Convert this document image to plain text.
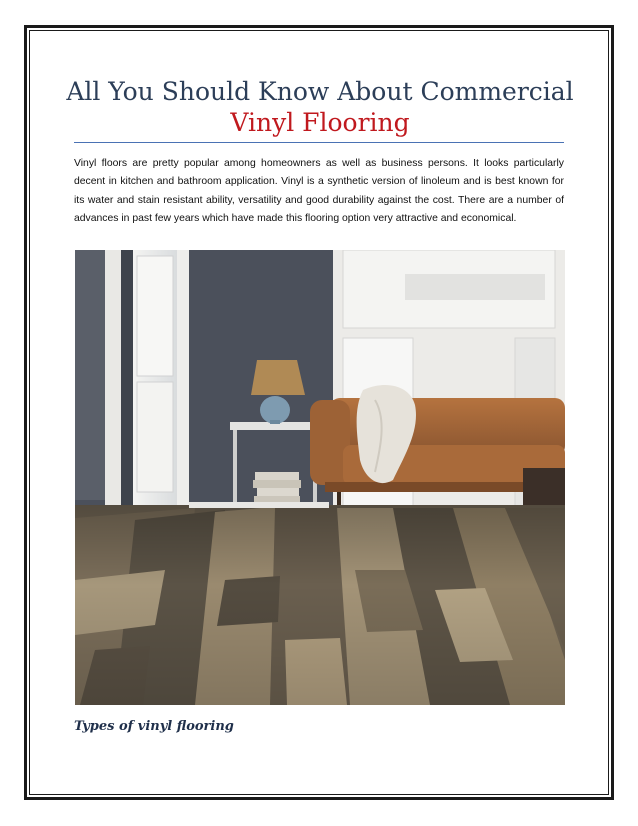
All You Should Know About Commercial
Vinyl Flooring

Vinyl floors are pretty popular among homeowners as well as business persons. It looks particularly decent in kitchen and bathroom application. Vinyl is a synthetic version of linoleum and is best known for its water and stain resistant ability, versatility and good durability against the cost. There are a number of advances in past few years which have made this flooring option very attractive and economical.

Types of vinyl flooring
